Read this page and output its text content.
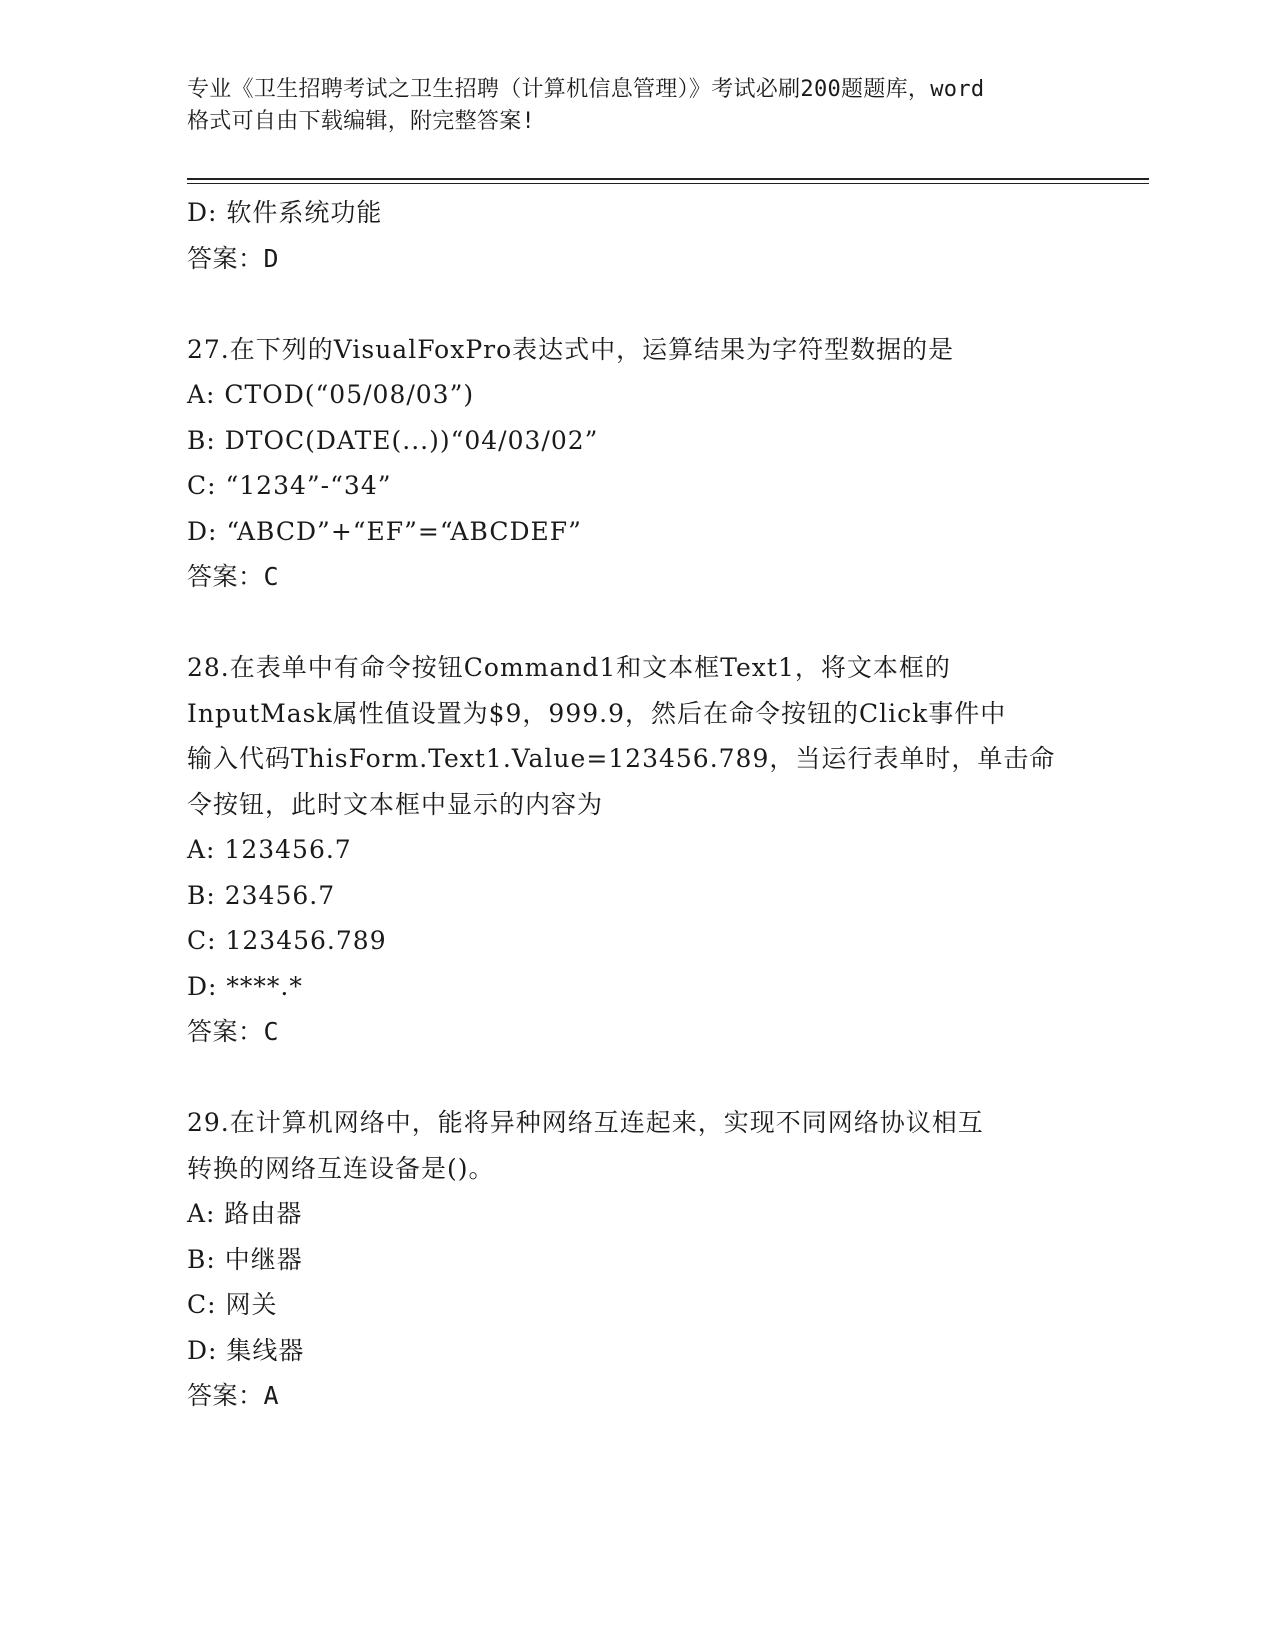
专业《卫生招聘考试之卫生招聘（计算机信息管理）》考试必刷200题题库，word
格式可自由下载编辑，附完整答案!
D: 软件系统功能
答案：D
27.在下列的VisualFoxPro表达式中，运算结果为字符型数据的是
A: CTOD(“05/08/03”)
B: DTOC(DATE(...))“04/03/02”
C: “1234”-“34”
D: “ABCD”+“EF”=“ABCDEF”
答案：C
28.在表单中有命令按钮Command1和文本框Text1，将文本框的
InputMask属性值设置为$9，999.9，然后在命令按钮的Click事件中
输入代码ThisForm.Text1.Value=123456.789，当运行表单时，单击命
令按钮，此时文本框中显示的内容为
A: 123456.7
B: 23456.7
C: 123456.789
D: ****.*
答案：C
29.在计算机网络中，能将异种网络互连起来，实现不同网络协议相互
转换的网络互连设备是()。
A: 路由器
B: 中继器
C: 网关
D: 集线器
答案：A
